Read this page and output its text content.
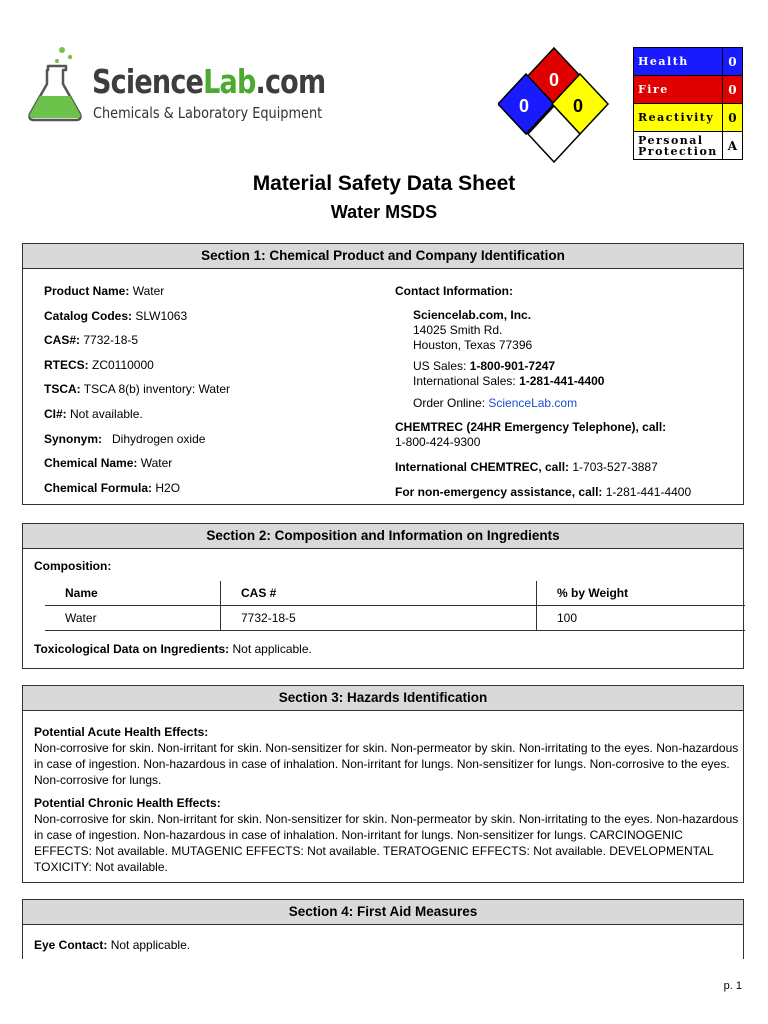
ScienceLab.com
Chemicals & Laboratory Equipment
0
0 0
Health	0
Fire	0
Reactivity	0
Personal
Protection	A
Material Safety Data Sheet
Water MSDS
Section 1: Chemical Product and Company Identification
Product Name: Water
Catalog Codes: SLW1063
CAS#: 7732-18-5
RTECS: ZC0110000
TSCA: TSCA 8(b) inventory: Water
CI#: Not available.
Synonym:   Dihydrogen oxide
Chemical Name: Water
Chemical Formula: H2O
Contact Information:
Sciencelab.com, Inc.
14025 Smith Rd.
Houston, Texas 77396
US Sales: 1-800-901-7247
International Sales: 1-281-441-4400
Order Online: ScienceLab.com
CHEMTREC (24HR Emergency Telephone), call:
1-800-424-9300
International CHEMTREC, call: 1-703-527-3887
For non-emergency assistance, call: 1-281-441-4400
Section 2: Composition and Information on Ingredients
Composition:
Name	CAS #	% by Weight
Water	7732-18-5	100
Toxicological Data on Ingredients: Not applicable.
Section 3: Hazards Identification

Potential Acute Health Effects:
Non-corrosive for skin. Non-irritant for skin. Non-sensitizer for skin. Non-permeator by skin. Non-irritating to the eyes. Non-hazardous in case of ingestion. Non-hazardous in case of inhalation. Non-irritant for lungs. Non-sensitizer for lungs. Non-corrosive to the eyes. Non-corrosive for lungs.

Potential Chronic Health Effects:
Non-corrosive for skin. Non-irritant for skin. Non-sensitizer for skin. Non-permeator by skin. Non-irritating to the eyes. Non-hazardous in case of ingestion. Non-hazardous in case of inhalation. Non-irritant for lungs. Non-sensitizer for lungs. CARCINOGENIC EFFECTS: Not available. MUTAGENIC EFFECTS: Not available. TERATOGENIC EFFECTS: Not available. DEVELOPMENTAL TOXICITY: Not available.

Section 4: First Aid Measures
Eye Contact: Not applicable.
p. 1
